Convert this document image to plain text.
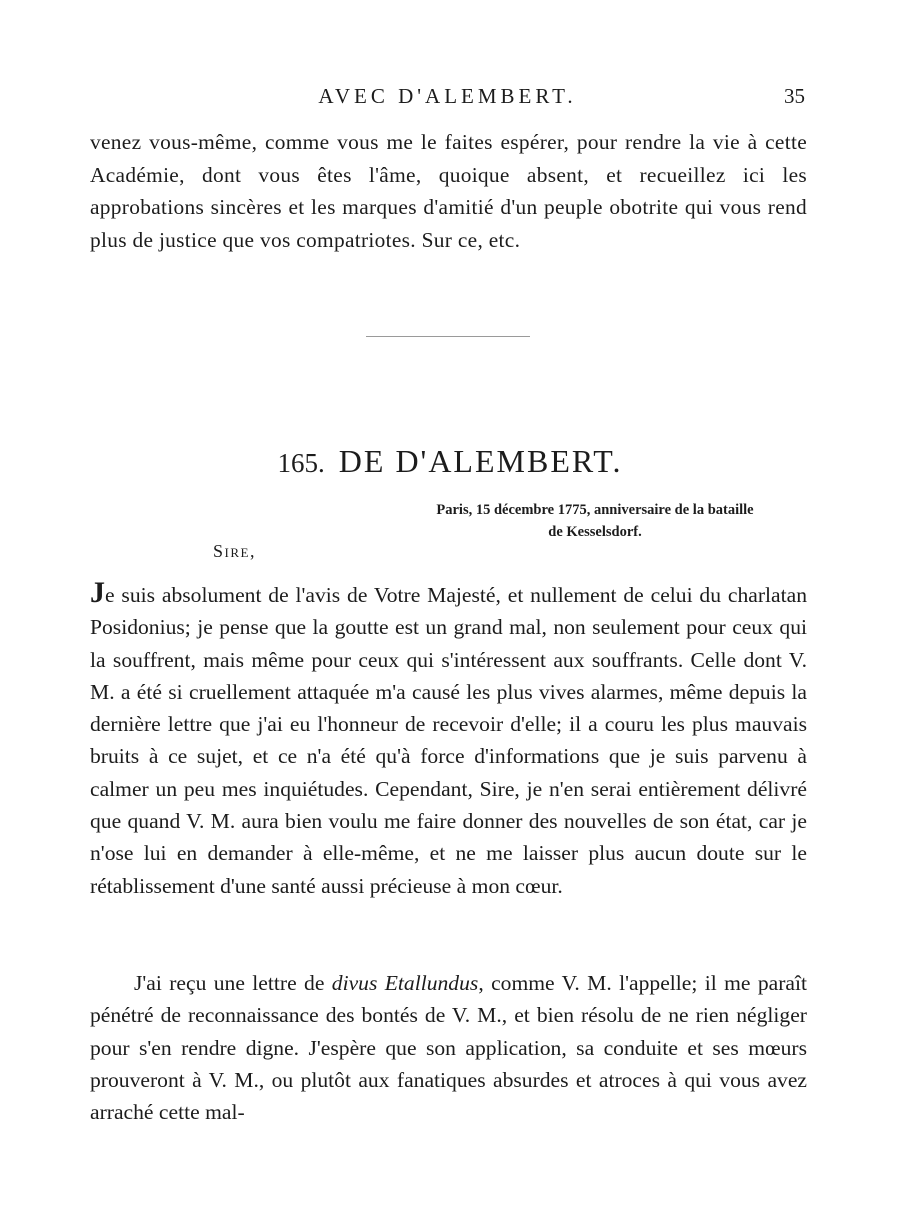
AVEC D'ALEMBERT.	35

venez vous-même, comme vous me le faites espérer, pour rendre la vie à cette Académie, dont vous êtes l'âme, quoique absent, et recueillez ici les approbations sincères et les marques d'amitié d'un peuple obotrite qui vous rend plus de justice que vos compatriotes. Sur ce, etc.

165. DE D'ALEMBERT.
Paris, 15 décembre 1775, anniversaire de la bataille
de Kesselsdorf.
Sire,

Je suis absolument de l'avis de Votre Majesté, et nullement de celui du charlatan Posidonius; je pense que la goutte est un grand mal, non seulement pour ceux qui la souffrent, mais même pour ceux qui s'intéressent aux souffrants. Celle dont V. M. a été si cruellement attaquée m'a causé les plus vives alarmes, même depuis la dernière lettre que j'ai eu l'honneur de recevoir d'elle; il a couru les plus mauvais bruits à ce sujet, et ce n'a été qu'à force d'informations que je suis parvenu à calmer un peu mes inquiétudes. Cependant, Sire, je n'en serai entièrement délivré que quand V. M. aura bien voulu me faire donner des nouvelles de son état, car je n'ose lui en demander à elle-même, et ne me laisser plus aucun doute sur le rétablissement d'une santé aussi précieuse à mon cœur.

J'ai reçu une lettre de divus Etallundus, comme V. M. l'appelle; il me paraît pénétré de reconnaissance des bontés de V. M., et bien résolu de ne rien négliger pour s'en rendre digne. J'espère que son application, sa conduite et ses mœurs prouveront à V. M., ou plutôt aux fanatiques absurdes et atroces à qui vous avez arraché cette mal-
